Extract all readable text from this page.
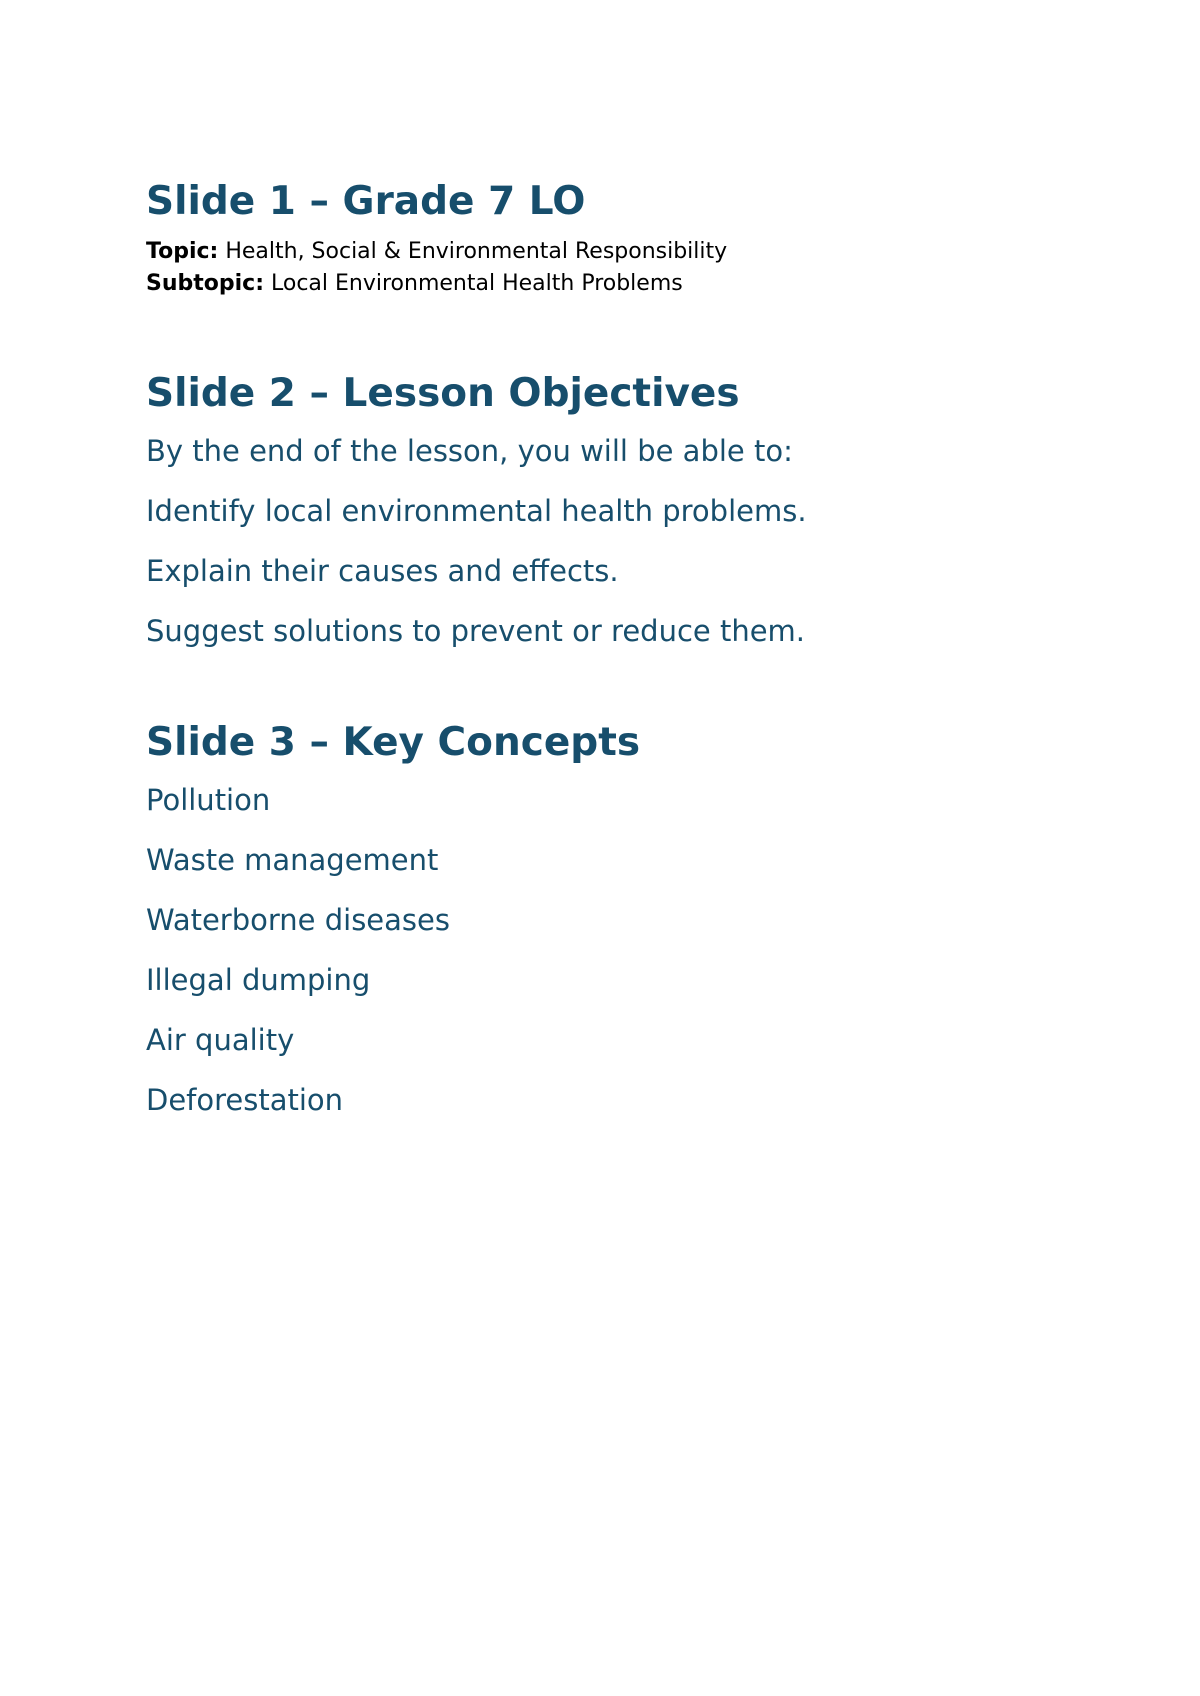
Slide 1 – Grade 7 LO
Topic: Health, Social & Environmental Responsibility
Subtopic: Local Environmental Health Problems
Slide 2 – Lesson Objectives
By the end of the lesson, you will be able to:
Identify local environmental health problems.
Explain their causes and effects.
Suggest solutions to prevent or reduce them.
Slide 3 – Key Concepts
Pollution
Waste management
Waterborne diseases
Illegal dumping
Air quality
Deforestation
